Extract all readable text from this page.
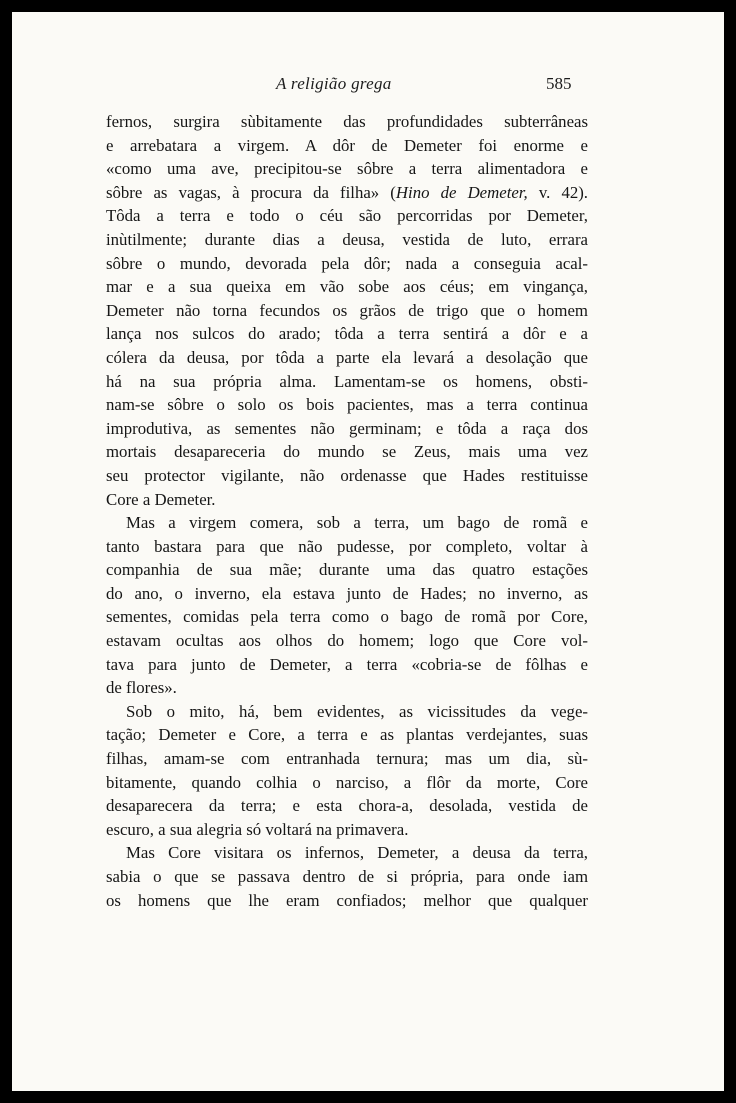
A religião grega	585
fernos, surgira sùbitamente das profundidades subterrâneas
e arrebatara a virgem. A dôr de Demeter foi enorme e
«como uma ave, precipitou-se sôbre a terra alimentadora e
sôbre as vagas, à procura da filha» (Hino de Demeter, v. 42).
Tôda a terra e todo o céu são percorridas por Demeter,
inùtilmente; durante dias a deusa, vestida de luto, errara
sôbre o mundo, devorada pela dôr; nada a conseguia acal-
mar e a sua queixa em vão sobe aos céus; em vingança,
Demeter não torna fecundos os grãos de trigo que o homem
lança nos sulcos do arado; tôda a terra sentirá a dôr e a
cólera da deusa, por tôda a parte ela levará a desolação que
há na sua própria alma. Lamentam-se os homens, obsti-
nam-se sôbre o solo os bois pacientes, mas a terra continua
improdutiva, as sementes não germinam; e tôda a raça dos
mortais desapareceria do mundo se Zeus, mais uma vez
seu protector vigilante, não ordenasse que Hades restituisse
Core a Demeter.
Mas a virgem comera, sob a terra, um bago de romã e
tanto bastara para que não pudesse, por completo, voltar à
companhia de sua mãe; durante uma das quatro estações
do ano, o inverno, ela estava junto de Hades; no inverno, as
sementes, comidas pela terra como o bago de romã por Core,
estavam ocultas aos olhos do homem; logo que Core vol-
tava para junto de Demeter, a terra «cobria-se de fôlhas e
de flores».
Sob o mito, há, bem evidentes, as vicissitudes da vege-
tação; Demeter e Core, a terra e as plantas verdejantes, suas
filhas, amam-se com entranhada ternura; mas um dia, sù-
bitamente, quando colhia o narciso, a flôr da morte, Core
desaparecera da terra; e esta chora-a, desolada, vestida de
escuro, a sua alegria só voltará na primavera.
Mas Core visitara os infernos, Demeter, a deusa da terra,
sabia o que se passava dentro de si própria, para onde iam
os homens que lhe eram confiados; melhor que qualquer
